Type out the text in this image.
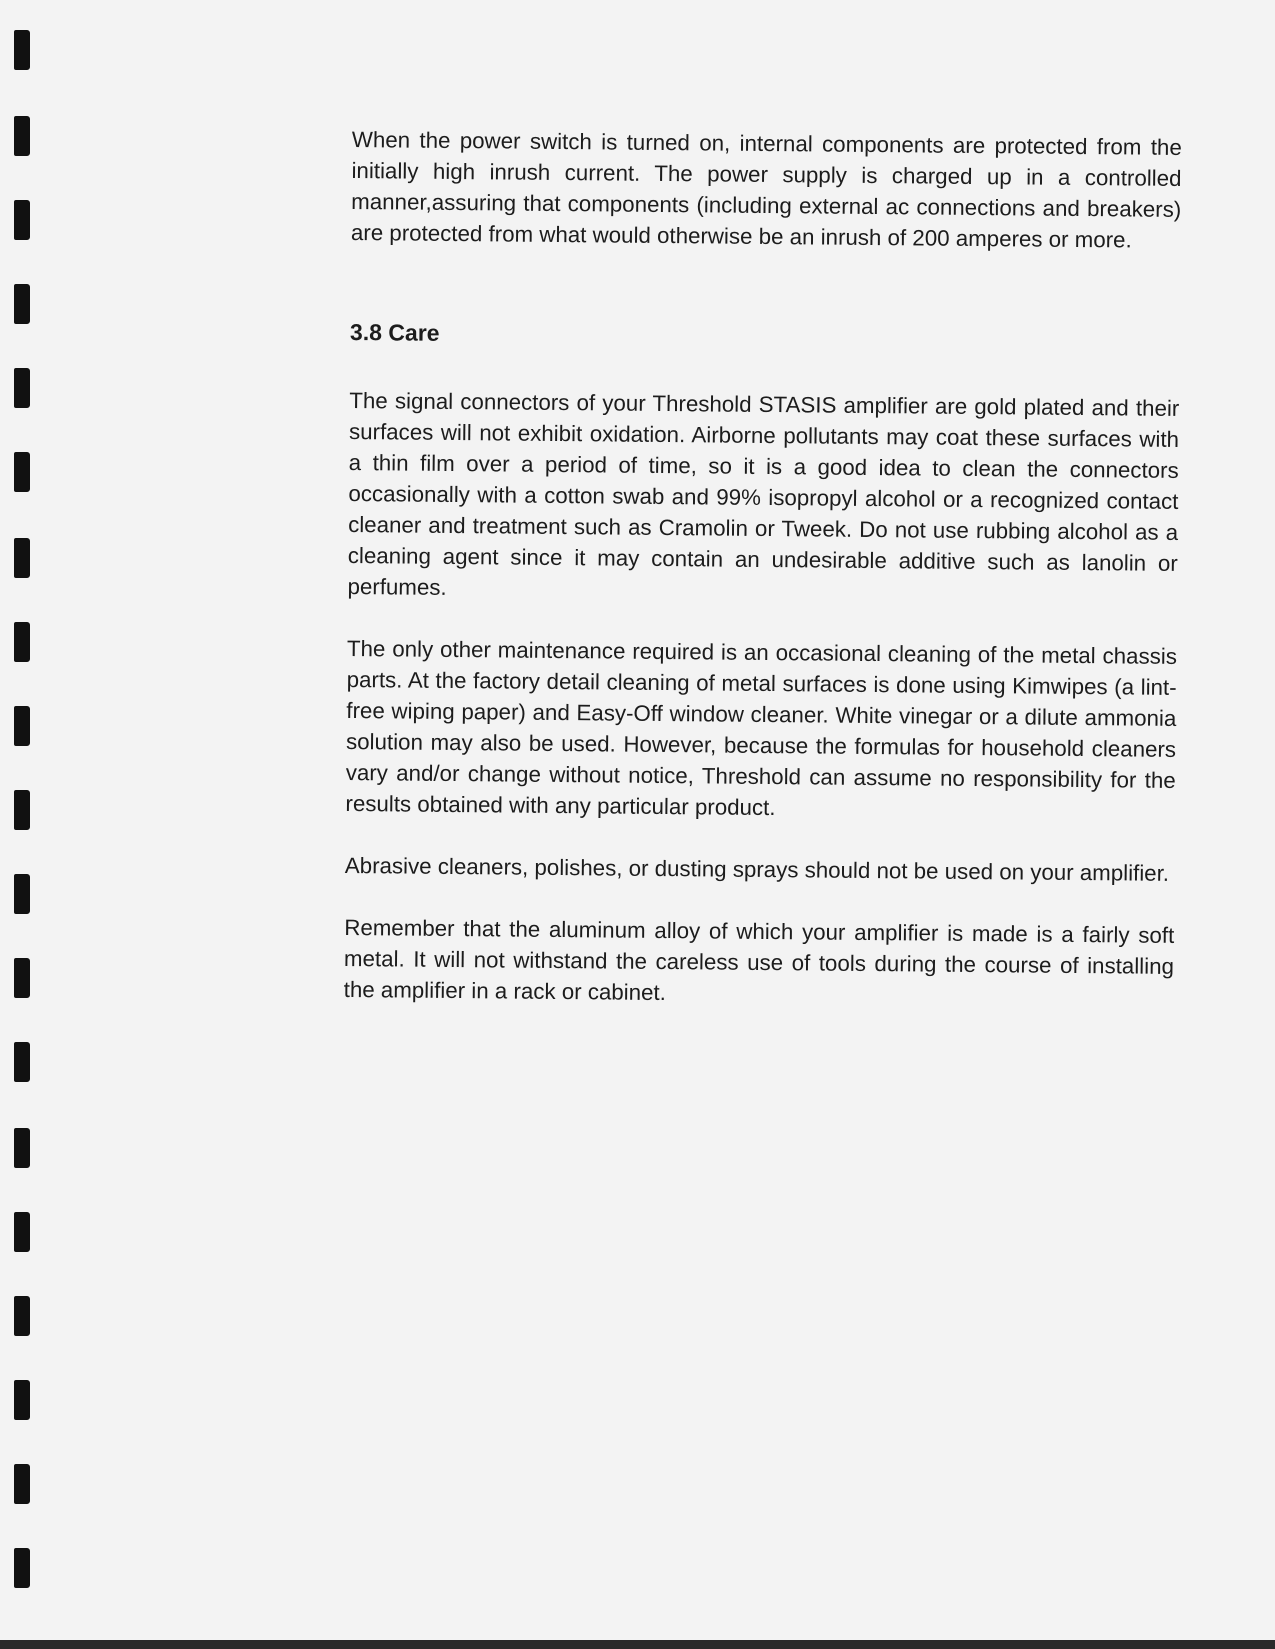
When the power switch is turned on, internal components are protected from the initially high inrush current. The power supply is charged up in a controlled manner,assuring that components (including external ac connections and breakers) are protected from what would otherwise be an inrush of 200 amperes or more.

3.8 Care

The signal connectors of your Threshold STASIS amplifier are gold plated and their surfaces will not exhibit oxidation. Airborne pollutants may coat these surfaces with a thin film over a period of time, so it is a good idea to clean the connectors occasionally with a cotton swab and 99% isopropyl alcohol or a recognized contact cleaner and treatment such as Cramolin or Tweek. Do not use rubbing alcohol as a cleaning agent since it may contain an undesirable additive such as lanolin or perfumes.

The only other maintenance required is an occasional cleaning of the metal chassis parts. At the factory detail cleaning of metal surfaces is done using Kimwipes (a lint-free wiping paper) and Easy-Off window cleaner. White vinegar or a dilute ammonia solution may also be used. However, because the formulas for household cleaners vary and/or change without notice, Threshold can assume no responsibility for the results obtained with any particular product.

Abrasive cleaners, polishes, or dusting sprays should not be used on your amplifier.

Remember that the aluminum alloy of which your amplifier is made is a fairly soft metal. It will not withstand the careless use of tools during the course of installing the amplifier in a rack or cabinet.
